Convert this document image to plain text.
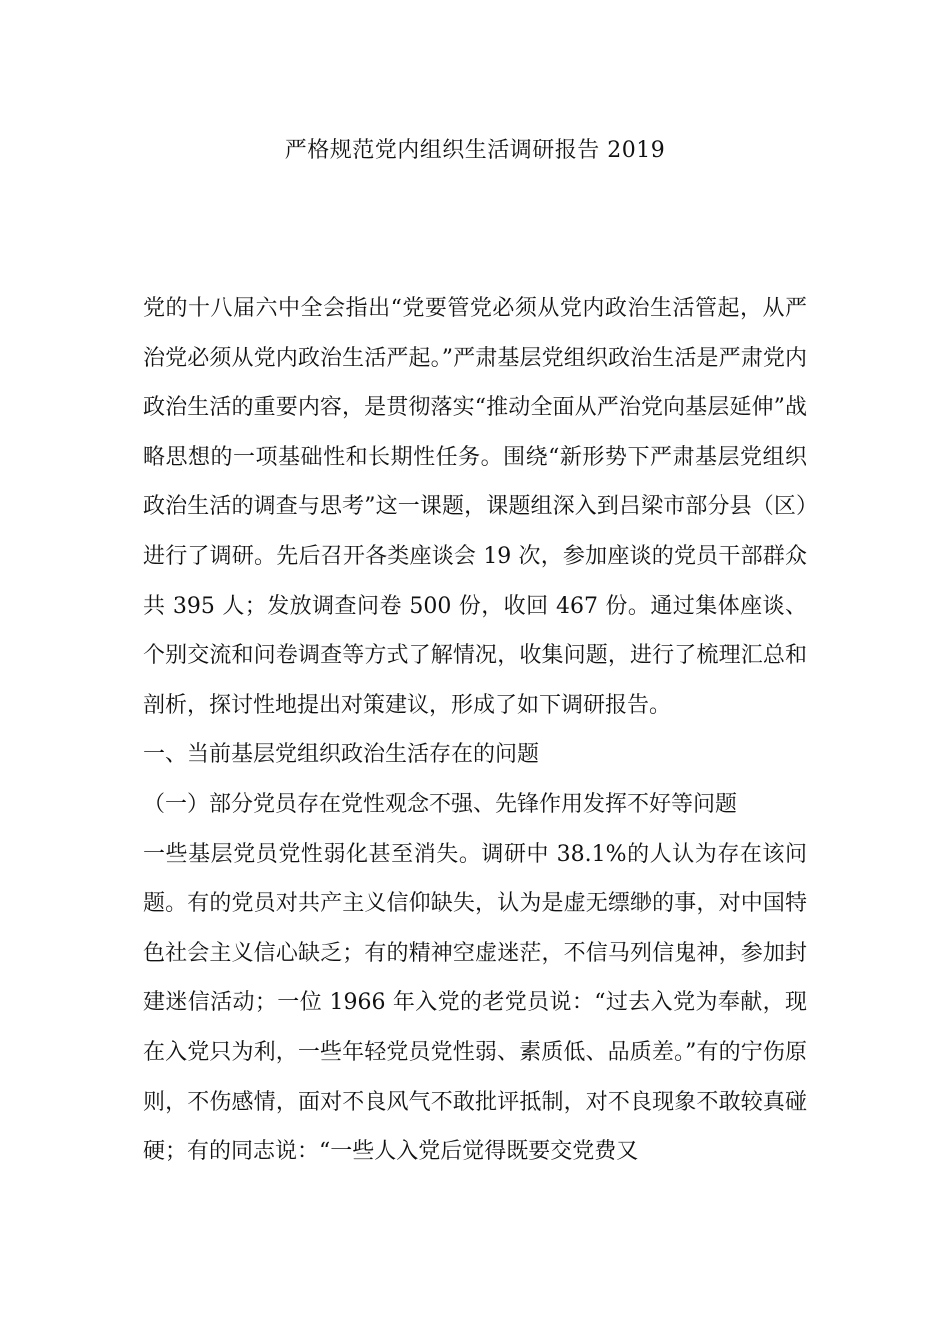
严格规范党内组织生活调研报告 2019

党的十八届六中全会指出“党要管党必须从党内政治生活管起，从严治党必须从党内政治生活严起。”严肃基层党组织政治生活是严肃党内政治生活的重要内容，是贯彻落实“推动全面从严治党向基层延伸”战略思想的一项基础性和长期性任务。围绕“新形势下严肃基层党组织政治生活的调查与思考”这一课题，课题组深入到吕梁市部分县（区）进行了调研。先后召开各类座谈会 19 次，参加座谈的党员干部群众共 395 人；发放调查问卷 500 份，收回 467 份。通过集体座谈、个别交流和问卷调查等方式了解情况，收集问题，进行了梳理汇总和剖析，探讨性地提出对策建议，形成了如下调研报告。

一、当前基层党组织政治生活存在的问题

（一）部分党员存在党性观念不强、先锋作用发挥不好等问题

一些基层党员党性弱化甚至消失。调研中 38.1%的人认为存在该问题。有的党员对共产主义信仰缺失，认为是虚无缥缈的事，对中国特色社会主义信心缺乏；有的精神空虚迷茫，不信马列信鬼神，参加封建迷信活动；一位 1966 年入党的老党员说：“过去入党为奉献，现在入党只为利，一些年轻党员党性弱、素质低、品质差。”有的宁伤原则，不伤感情，面对不良风气不敢批评抵制，对不良现象不敢较真碰硬；有的同志说：“一些人入党后觉得既要交党费又
